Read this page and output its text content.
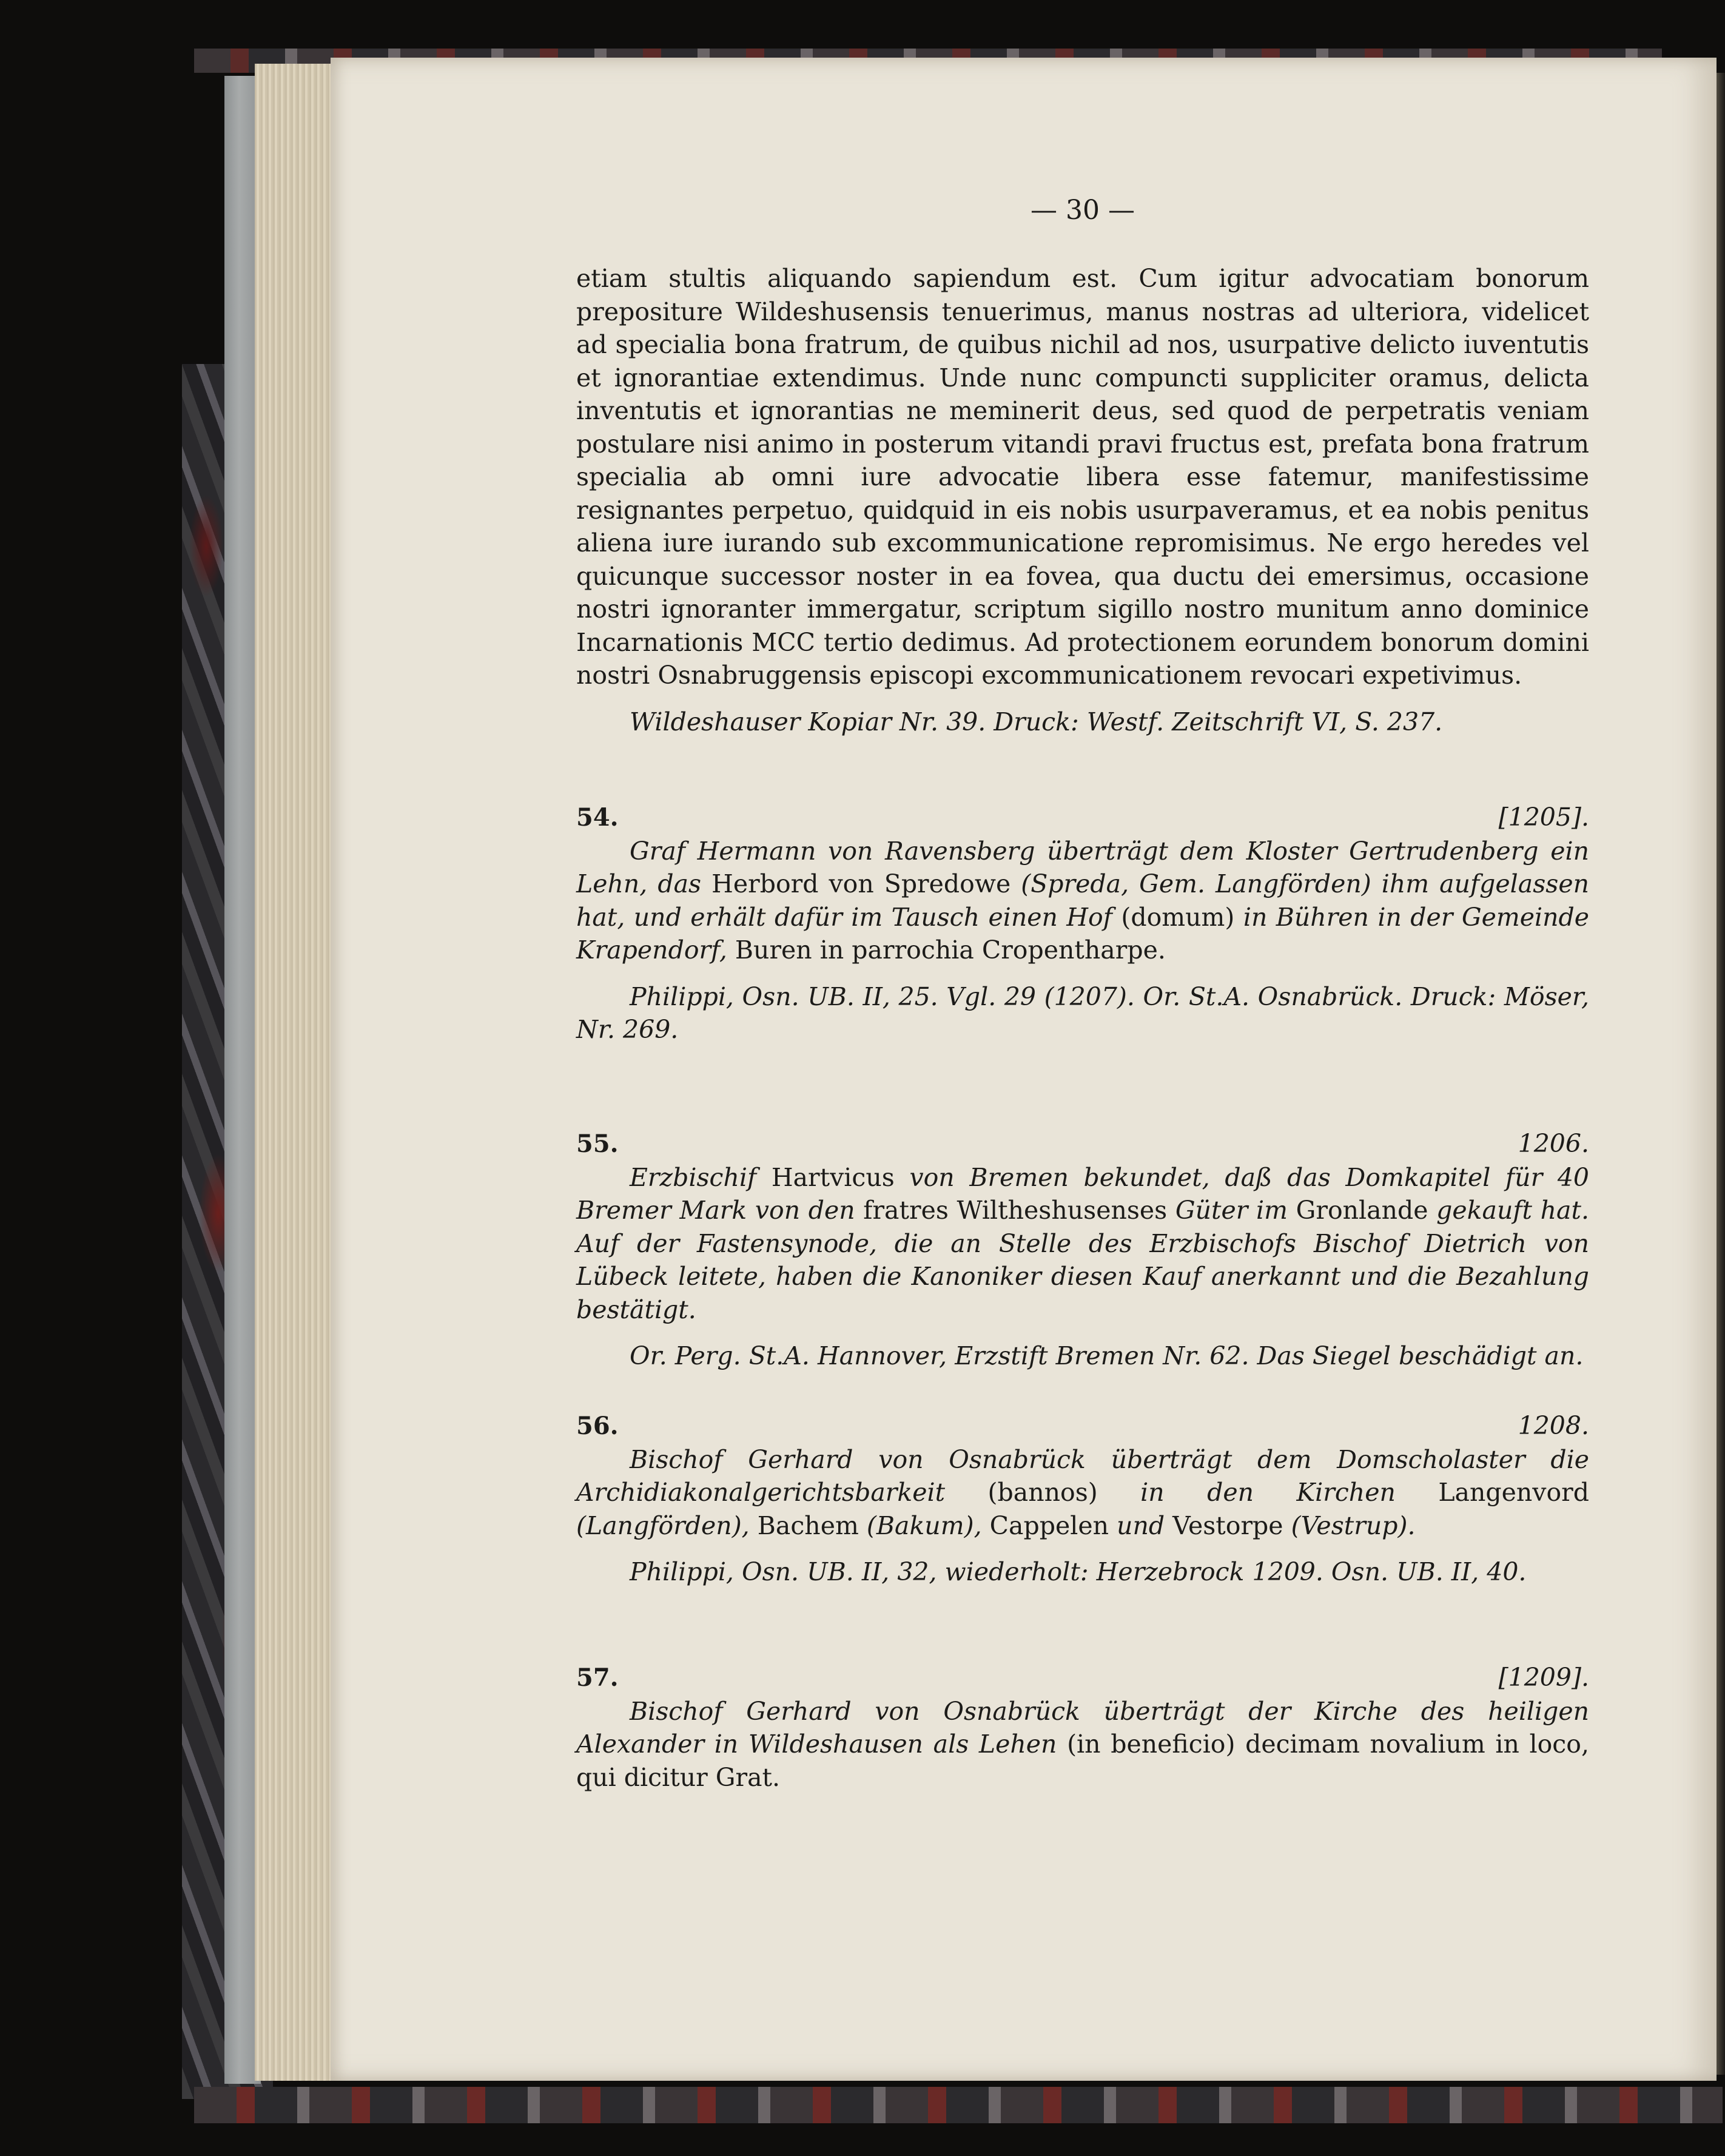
— 30 —

etiam stultis aliquando sapiendum est. Cum igitur advocatiam bonorum prepositure Wildeshusensis tenuerimus, manus nostras ad ulteriora, videlicet ad specialia bona fratrum, de quibus nichil ad nos, usurpative delicto iuventutis et ignorantiae extendimus. Unde nunc compuncti suppliciter oramus, delicta inventutis et ignorantias ne meminerit deus, sed quod de perpetratis veniam postulare nisi animo in posterum vitandi pravi fructus est, prefata bona fratrum specialia ab omni iure advocatie libera esse fatemur, manifestissime resignantes perpetuo, quidquid in eis nobis usurpaveramus, et ea nobis penitus aliena iure iurando sub excommunicatione repromisimus. Ne ergo heredes vel quicunque successor noster in ea fovea, qua ductu dei emersimus, occasione nostri ignoranter immergatur, scriptum sigillo nostro munitum anno dominice Incarnationis MCC tertio dedimus. Ad protectionem eorundem bonorum domini nostri Osnabruggensis episcopi excommunicationem revocari expetivimus.

Wildeshauser Kopiar Nr. 39. Druck: Westf. Zeitschrift VI, S. 237.

54.	[1205].

Graf Hermann von Ravensberg überträgt dem Kloster Gertrudenberg ein Lehn, das Herbord von Spredowe (Spreda, Gem. Langförden) ihm aufgelassen hat, und erhält dafür im Tausch einen Hof (domum) in Bühren in der Gemeinde Krapendorf, Buren in parrochia Cropentharpe.

Philippi, Osn. UB. II, 25. Vgl. 29 (1207). Or. St.A. Osnabrück. Druck: Möser, Nr. 269.

55.	1206.

Erzbischif Hartvicus von Bremen bekundet, daß das Domkapitel für 40 Bremer Mark von den fratres Wiltheshusenses Güter im Gronlande gekauft hat. Auf der Fastensynode, die an Stelle des Erzbischofs Bischof Dietrich von Lübeck leitete, haben die Kanoniker diesen Kauf anerkannt und die Bezahlung bestätigt.

Or. Perg. St.A. Hannover, Erzstift Bremen Nr. 62. Das Siegel beschädigt an.

56.	1208.

Bischof Gerhard von Osnabrück überträgt dem Domscholaster die Archidiakonalgerichtsbarkeit (bannos) in den Kirchen Langenvord (Langförden), Bachem (Bakum), Cappelen und Vestorpe (Vestrup).

Philippi, Osn. UB. II, 32, wiederholt: Herzebrock 1209. Osn. UB. II, 40.

57.	[1209].

Bischof Gerhard von Osnabrück überträgt der Kirche des heiligen Alexander in Wildeshausen als Lehen (in beneficio) decimam novalium in loco, qui dicitur Grat.
